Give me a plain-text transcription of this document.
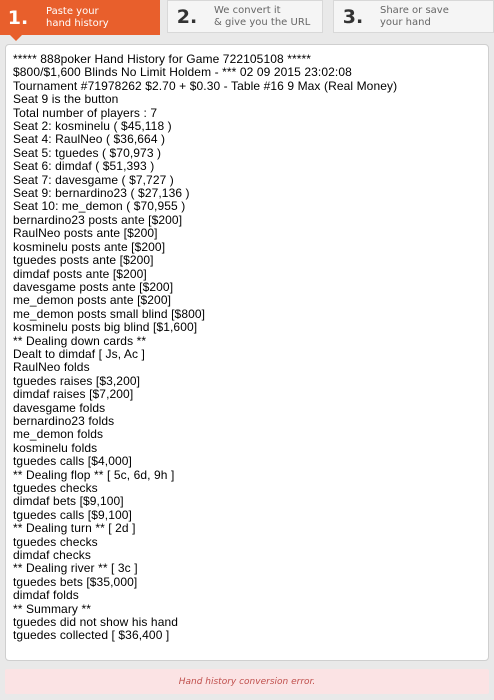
1.	Paste your
hand history	2.	We convert it
& give you the URL	3.	Share or save
your hand
***** 888poker Hand History for Game 722105108 *****
$800/$1,600 Blinds No Limit Holdem - *** 02 09 2015 23:02:08
Tournament #71978262 $2.70 + $0.30 - Table #16 9 Max (Real Money)
Seat 9 is the button
Total number of players : 7
Seat 2: kosminelu ( $45,118 )
Seat 4: RaulNeo ( $36,664 )
Seat 5: tguedes ( $70,973 )
Seat 6: dimdaf ( $51,393 )
Seat 7: davesgame ( $7,727 )
Seat 9: bernardino23 ( $27,136 )
Seat 10: me_demon ( $70,955 )
bernardino23 posts ante [$200]
RaulNeo posts ante [$200]
kosminelu posts ante [$200]
tguedes posts ante [$200]
dimdaf posts ante [$200]
davesgame posts ante [$200]
me_demon posts ante [$200]
me_demon posts small blind [$800]
kosminelu posts big blind [$1,600]
** Dealing down cards **
Dealt to dimdaf [ Js, Ac ]
RaulNeo folds
tguedes raises [$3,200]
dimdaf raises [$7,200]
davesgame folds
bernardino23 folds
me_demon folds
kosminelu folds
tguedes calls [$4,000]
** Dealing flop ** [ 5c, 6d, 9h ]
tguedes checks
dimdaf bets [$9,100]
tguedes calls [$9,100]
** Dealing turn ** [ 2d ]
tguedes checks
dimdaf checks
** Dealing river ** [ 3c ]
tguedes bets [$35,000]
dimdaf folds
** Summary **
tguedes did not show his hand
tguedes collected [ $36,400 ]
Hand history conversion error.
